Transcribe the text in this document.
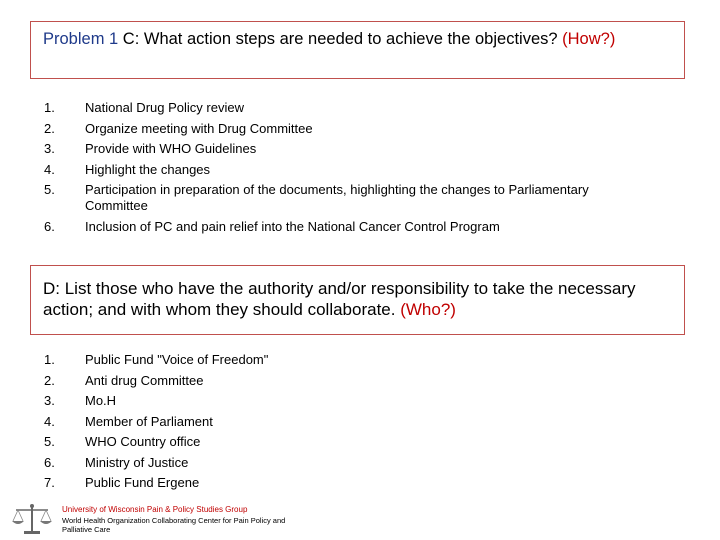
Problem 1 C: What action steps are needed to achieve the objectives? (How?)
1.	National Drug Policy review
2.	Organize meeting with Drug Committee
3.	Provide with WHO Guidelines
4.	Highlight the changes
5.	Participation in preparation of the documents, highlighting the changes to Parliamentary Committee
6.	Inclusion of PC and pain relief into the National Cancer Control Program
D: List those who have the authority and/or responsibility to take the necessary action; and with whom they should collaborate. (Who?)
1.	Public Fund "Voice of Freedom"
2.	Anti drug Committee
3.	Mo.H
4.	Member of Parliament
5.	WHO Country office
6.	Ministry of Justice
7.	Public Fund Ergene
University of Wisconsin Pain & Policy Studies Group
World Health Organization Collaborating Center for Pain Policy and Palliative Care
